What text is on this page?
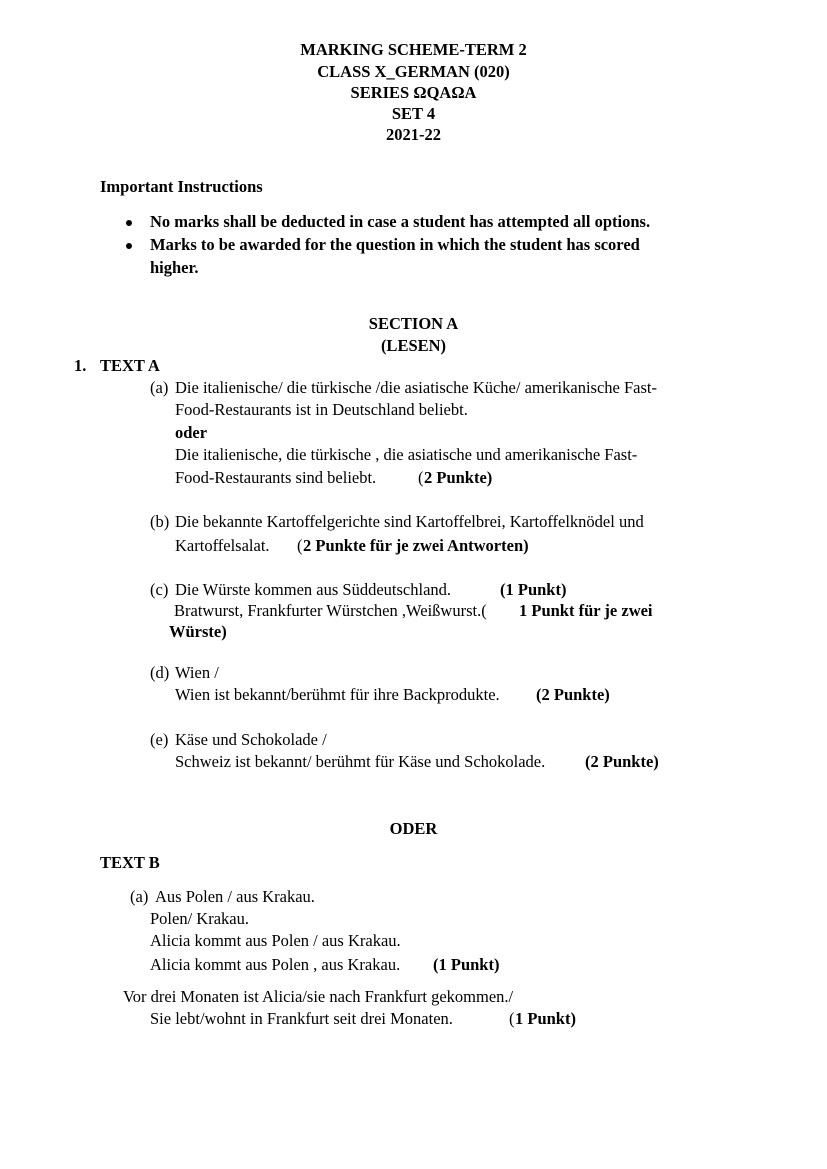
MARKING SCHEME-TERM 2
CLASS X_GERMAN (020)
SERIES ΩQAΩA
SET 4
2021-22
Important Instructions
No marks shall be deducted in case a student has attempted all options.
Marks to be awarded for the question in which the student has scored
higher.
SECTION A
(LESEN)
1. TEXT A
(a) Die italienische/ die türkische /die asiatische Küche/ amerikanische Fast-
Food-Restaurants ist in Deutschland beliebt.
oder
Die italienische, die türkische , die asiatische und amerikanische Fast-
Food-Restaurants sind beliebt.	( 2 Punkte)
(b) Die bekannte Kartoffelgerichte sind Kartoffelbrei, Kartoffelknödel und
Kartoffelsalat. ( 2 Punkte für je zwei Antworten)
(c) Die Würste kommen aus Süddeutschland.	(1 Punkt)
Bratwurst, Frankfurter Würstchen ,Weißwurst.( 1 Punkt für je zwei
Würste)
(d) Wien /
Wien ist bekannt/berühmt für ihre Backprodukte. (2 Punkte)
(e) Käse und Schokolade /
Schweiz ist bekannt/ berühmt für Käse und Schokolade. (2 Punkte)
ODER
TEXT B
(a) Aus Polen / aus Krakau.
Polen/ Krakau.
Alicia kommt aus Polen / aus Krakau.
Alicia kommt aus Polen , aus Krakau. (1 Punkt)
Vor drei Monaten ist Alicia/sie nach Frankfurt gekommen./
Sie lebt/wohnt in Frankfurt seit drei Monaten.	( 1 Punkt)
